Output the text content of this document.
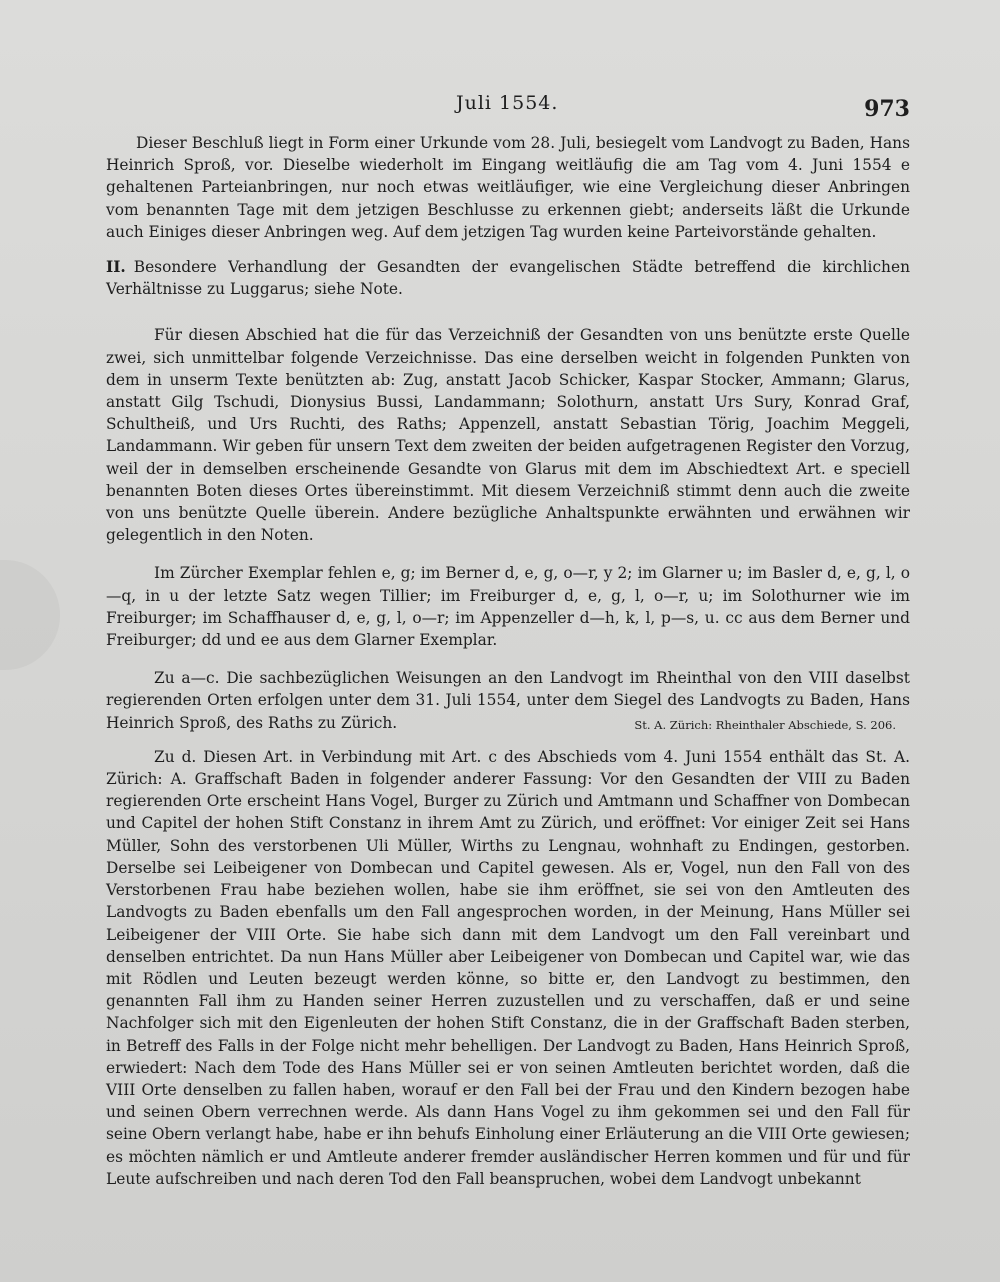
Juli 1554.	973

Dieser Beschluß liegt in Form einer Urkunde vom 28. Juli, besiegelt vom Landvogt zu Baden, Hans Heinrich Sproß, vor. Dieselbe wiederholt im Eingang weitläufig die am Tag vom 4. Juni 1554 e gehaltenen Parteianbringen, nur noch etwas weitläufiger, wie eine Vergleichung dieser Anbringen vom benannten Tage mit dem jetzigen Beschlusse zu erkennen giebt; anderseits läßt die Urkunde auch Einiges dieser Anbringen weg. Auf dem jetzigen Tag wurden keine Parteivorstände gehalten.

II. Besondere Verhandlung der Gesandten der evangelischen Städte betreffend die kirchlichen Verhältnisse zu Luggarus; siehe Note.

Für diesen Abschied hat die für das Verzeichniß der Gesandten von uns benützte erste Quelle zwei, sich unmittelbar folgende Verzeichnisse. Das eine derselben weicht in folgenden Punkten von dem in unserm Texte benützten ab: Zug, anstatt Jacob Schicker, Kaspar Stocker, Ammann; Glarus, anstatt Gilg Tschudi, Dionysius Bussi, Landammann; Solothurn, anstatt Urs Sury, Konrad Graf, Schultheiß, und Urs Ruchti, des Raths; Appenzell, anstatt Sebastian Törig, Joachim Meggeli, Landammann. Wir geben für unsern Text dem zweiten der beiden aufgetragenen Register den Vorzug, weil der in demselben erscheinende Gesandte von Glarus mit dem im Abschiedtext Art. e speciell benannten Boten dieses Ortes übereinstimmt. Mit diesem Verzeichniß stimmt denn auch die zweite von uns benützte Quelle überein. Andere bezügliche Anhaltspunkte erwähnten und erwähnen wir gelegentlich in den Noten.

Im Zürcher Exemplar fehlen e, g; im Berner d, e, g, o—r, y 2; im Glarner u; im Basler d, e, g, l, o—q, in u der letzte Satz wegen Tillier; im Freiburger d, e, g, l, o—r, u; im Solothurner wie im Freiburger; im Schaffhauser d, e, g, l, o—r; im Appenzeller d—h, k, l, p—s, u. cc aus dem Berner und Freiburger; dd und ee aus dem Glarner Exemplar.

Zu a—c. Die sachbezüglichen Weisungen an den Landvogt im Rheinthal von den VIII daselbst regierenden Orten erfolgen unter dem 31. Juli 1554, unter dem Siegel des Landvogts zu Baden, Hans Heinrich Sproß, des Raths zu Zürich.	St. A. Zürich: Rheinthaler Abschiede, S. 206.

Zu d. Diesen Art. in Verbindung mit Art. c des Abschieds vom 4. Juni 1554 enthält das St. A. Zürich: A. Graffschaft Baden in folgender anderer Fassung: Vor den Gesandten der VIII zu Baden regierenden Orte erscheint Hans Vogel, Burger zu Zürich und Amtmann und Schaffner von Dombecan und Capitel der hohen Stift Constanz in ihrem Amt zu Zürich, und eröffnet: Vor einiger Zeit sei Hans Müller, Sohn des verstorbenen Uli Müller, Wirths zu Lengnau, wohnhaft zu Endingen, gestorben. Derselbe sei Leibeigener von Dombecan und Capitel gewesen. Als er, Vogel, nun den Fall von des Verstorbenen Frau habe beziehen wollen, habe sie ihm eröffnet, sie sei von den Amtleuten des Landvogts zu Baden ebenfalls um den Fall angesprochen worden, in der Meinung, Hans Müller sei Leibeigener der VIII Orte. Sie habe sich dann mit dem Landvogt um den Fall vereinbart und denselben entrichtet. Da nun Hans Müller aber Leibeigener von Dombecan und Capitel war, wie das mit Rödlen und Leuten bezeugt werden könne, so bitte er, den Landvogt zu bestimmen, den genannten Fall ihm zu Handen seiner Herren zuzustellen und zu verschaffen, daß er und seine Nachfolger sich mit den Eigenleuten der hohen Stift Constanz, die in der Graffschaft Baden sterben, in Betreff des Falls in der Folge nicht mehr behelligen. Der Landvogt zu Baden, Hans Heinrich Sproß, erwiedert: Nach dem Tode des Hans Müller sei er von seinen Amtleuten berichtet worden, daß die VIII Orte denselben zu fallen haben, worauf er den Fall bei der Frau und den Kindern bezogen habe und seinen Obern verrechnen werde. Als dann Hans Vogel zu ihm gekommen sei und den Fall für seine Obern verlangt habe, habe er ihn behufs Einholung einer Erläuterung an die VIII Orte gewiesen; es möchten nämlich er und Amtleute anderer fremder ausländischer Herren kommen und für und für Leute aufschreiben und nach deren Tod den Fall beanspruchen, wobei dem Landvogt unbekannt
